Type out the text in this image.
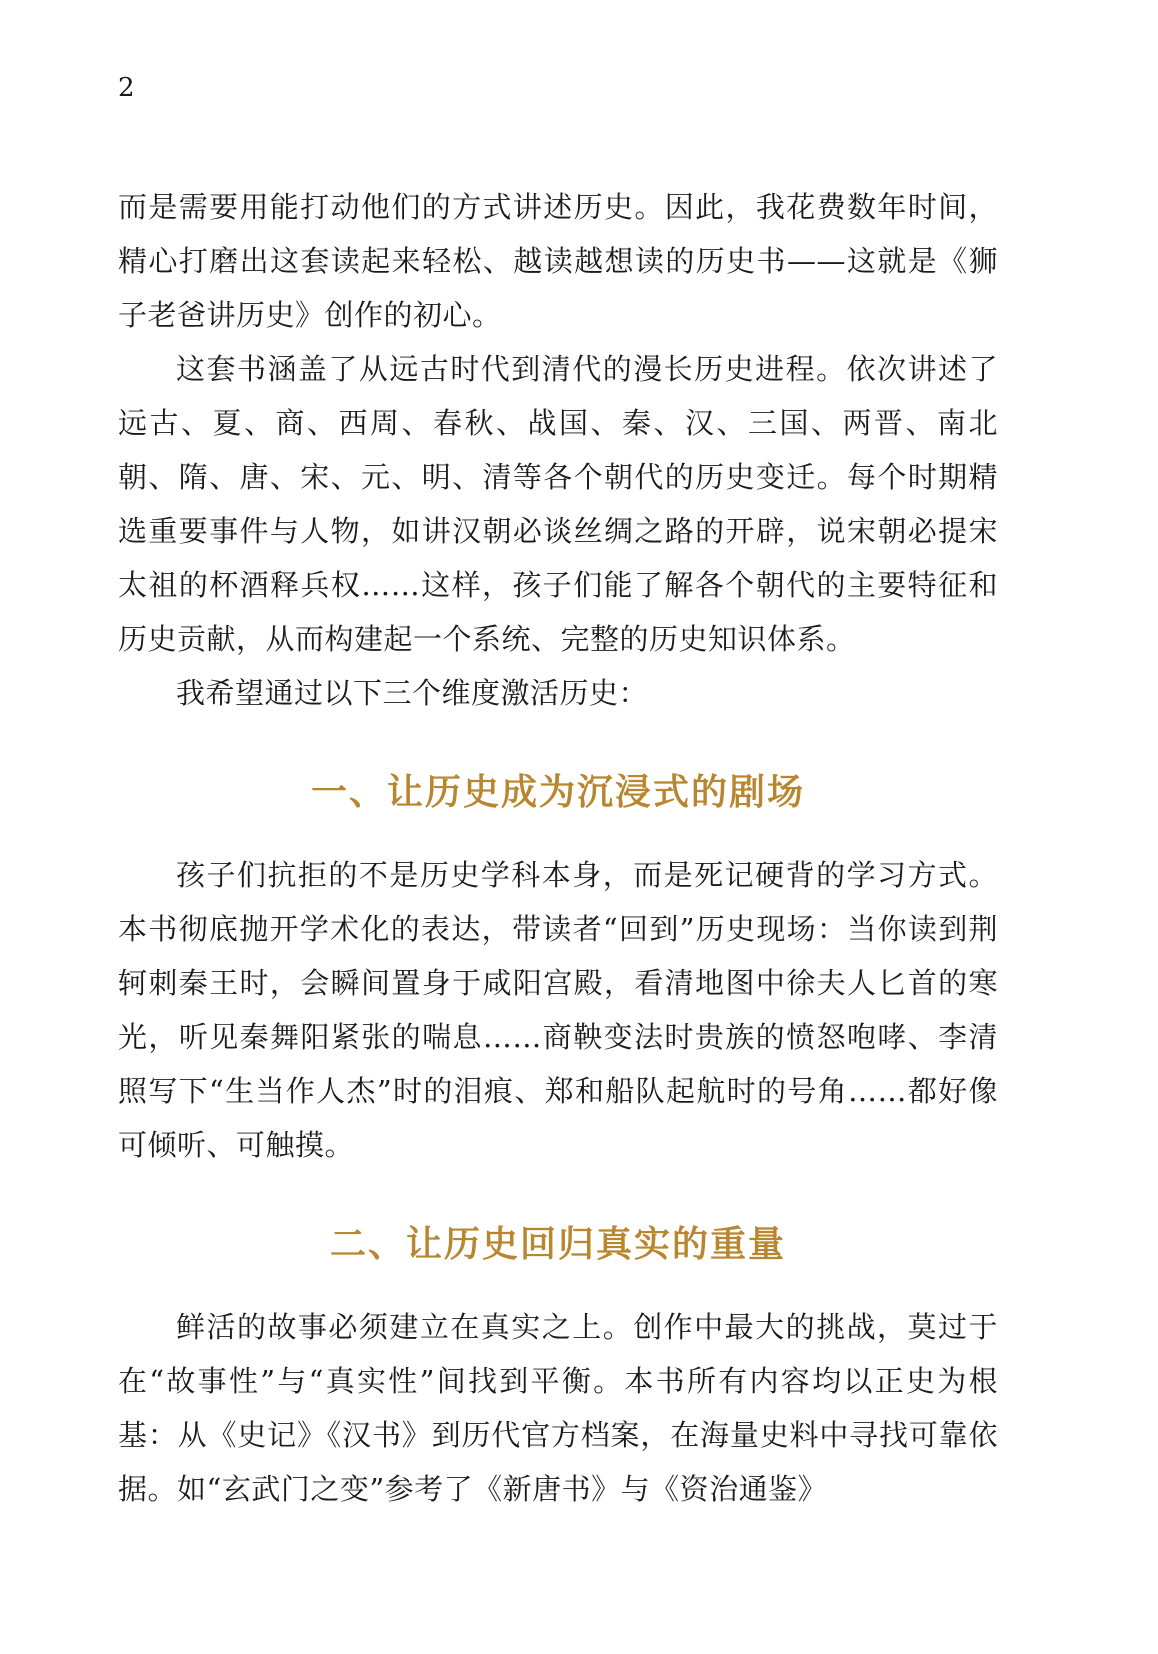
2

而是需要用能打动他们的方式讲述历史。因此，我花费数年时间，精心打磨出这套读起来轻松、越读越想读的历史书——这就是《狮子老爸讲历史》创作的初心。

这套书涵盖了从远古时代到清代的漫长历史进程。依次讲述了远古、夏、商、西周、春秋、战国、秦、汉、三国、两晋、南北朝、隋、唐、宋、元、明、清等各个朝代的历史变迁。每个时期精选重要事件与人物，如讲汉朝必谈丝绸之路的开辟，说宋朝必提宋太祖的杯酒释兵权……这样，孩子们能了解各个朝代的主要特征和历史贡献，从而构建起一个系统、完整的历史知识体系。

我希望通过以下三个维度激活历史：

一、让历史成为沉浸式的剧场

孩子们抗拒的不是历史学科本身，而是死记硬背的学习方式。本书彻底抛开学术化的表达，带读者“回到”历史现场：当你读到荆轲刺秦王时，会瞬间置身于咸阳宫殿，看清地图中徐夫人匕首的寒光，听见秦舞阳紧张的喘息……商鞅变法时贵族的愤怒咆哮、李清照写下“生当作人杰”时的泪痕、郑和船队起航时的号角……都好像可倾听、可触摸。

二、让历史回归真实的重量

鲜活的故事必须建立在真实之上。创作中最大的挑战，莫过于在“故事性”与“真实性”间找到平衡。本书所有内容均以正史为根基：从《史记》《汉书》到历代官方档案，在海量史料中寻找可靠依据。如“玄武门之变”参考了《新唐书》与《资治通鉴》
